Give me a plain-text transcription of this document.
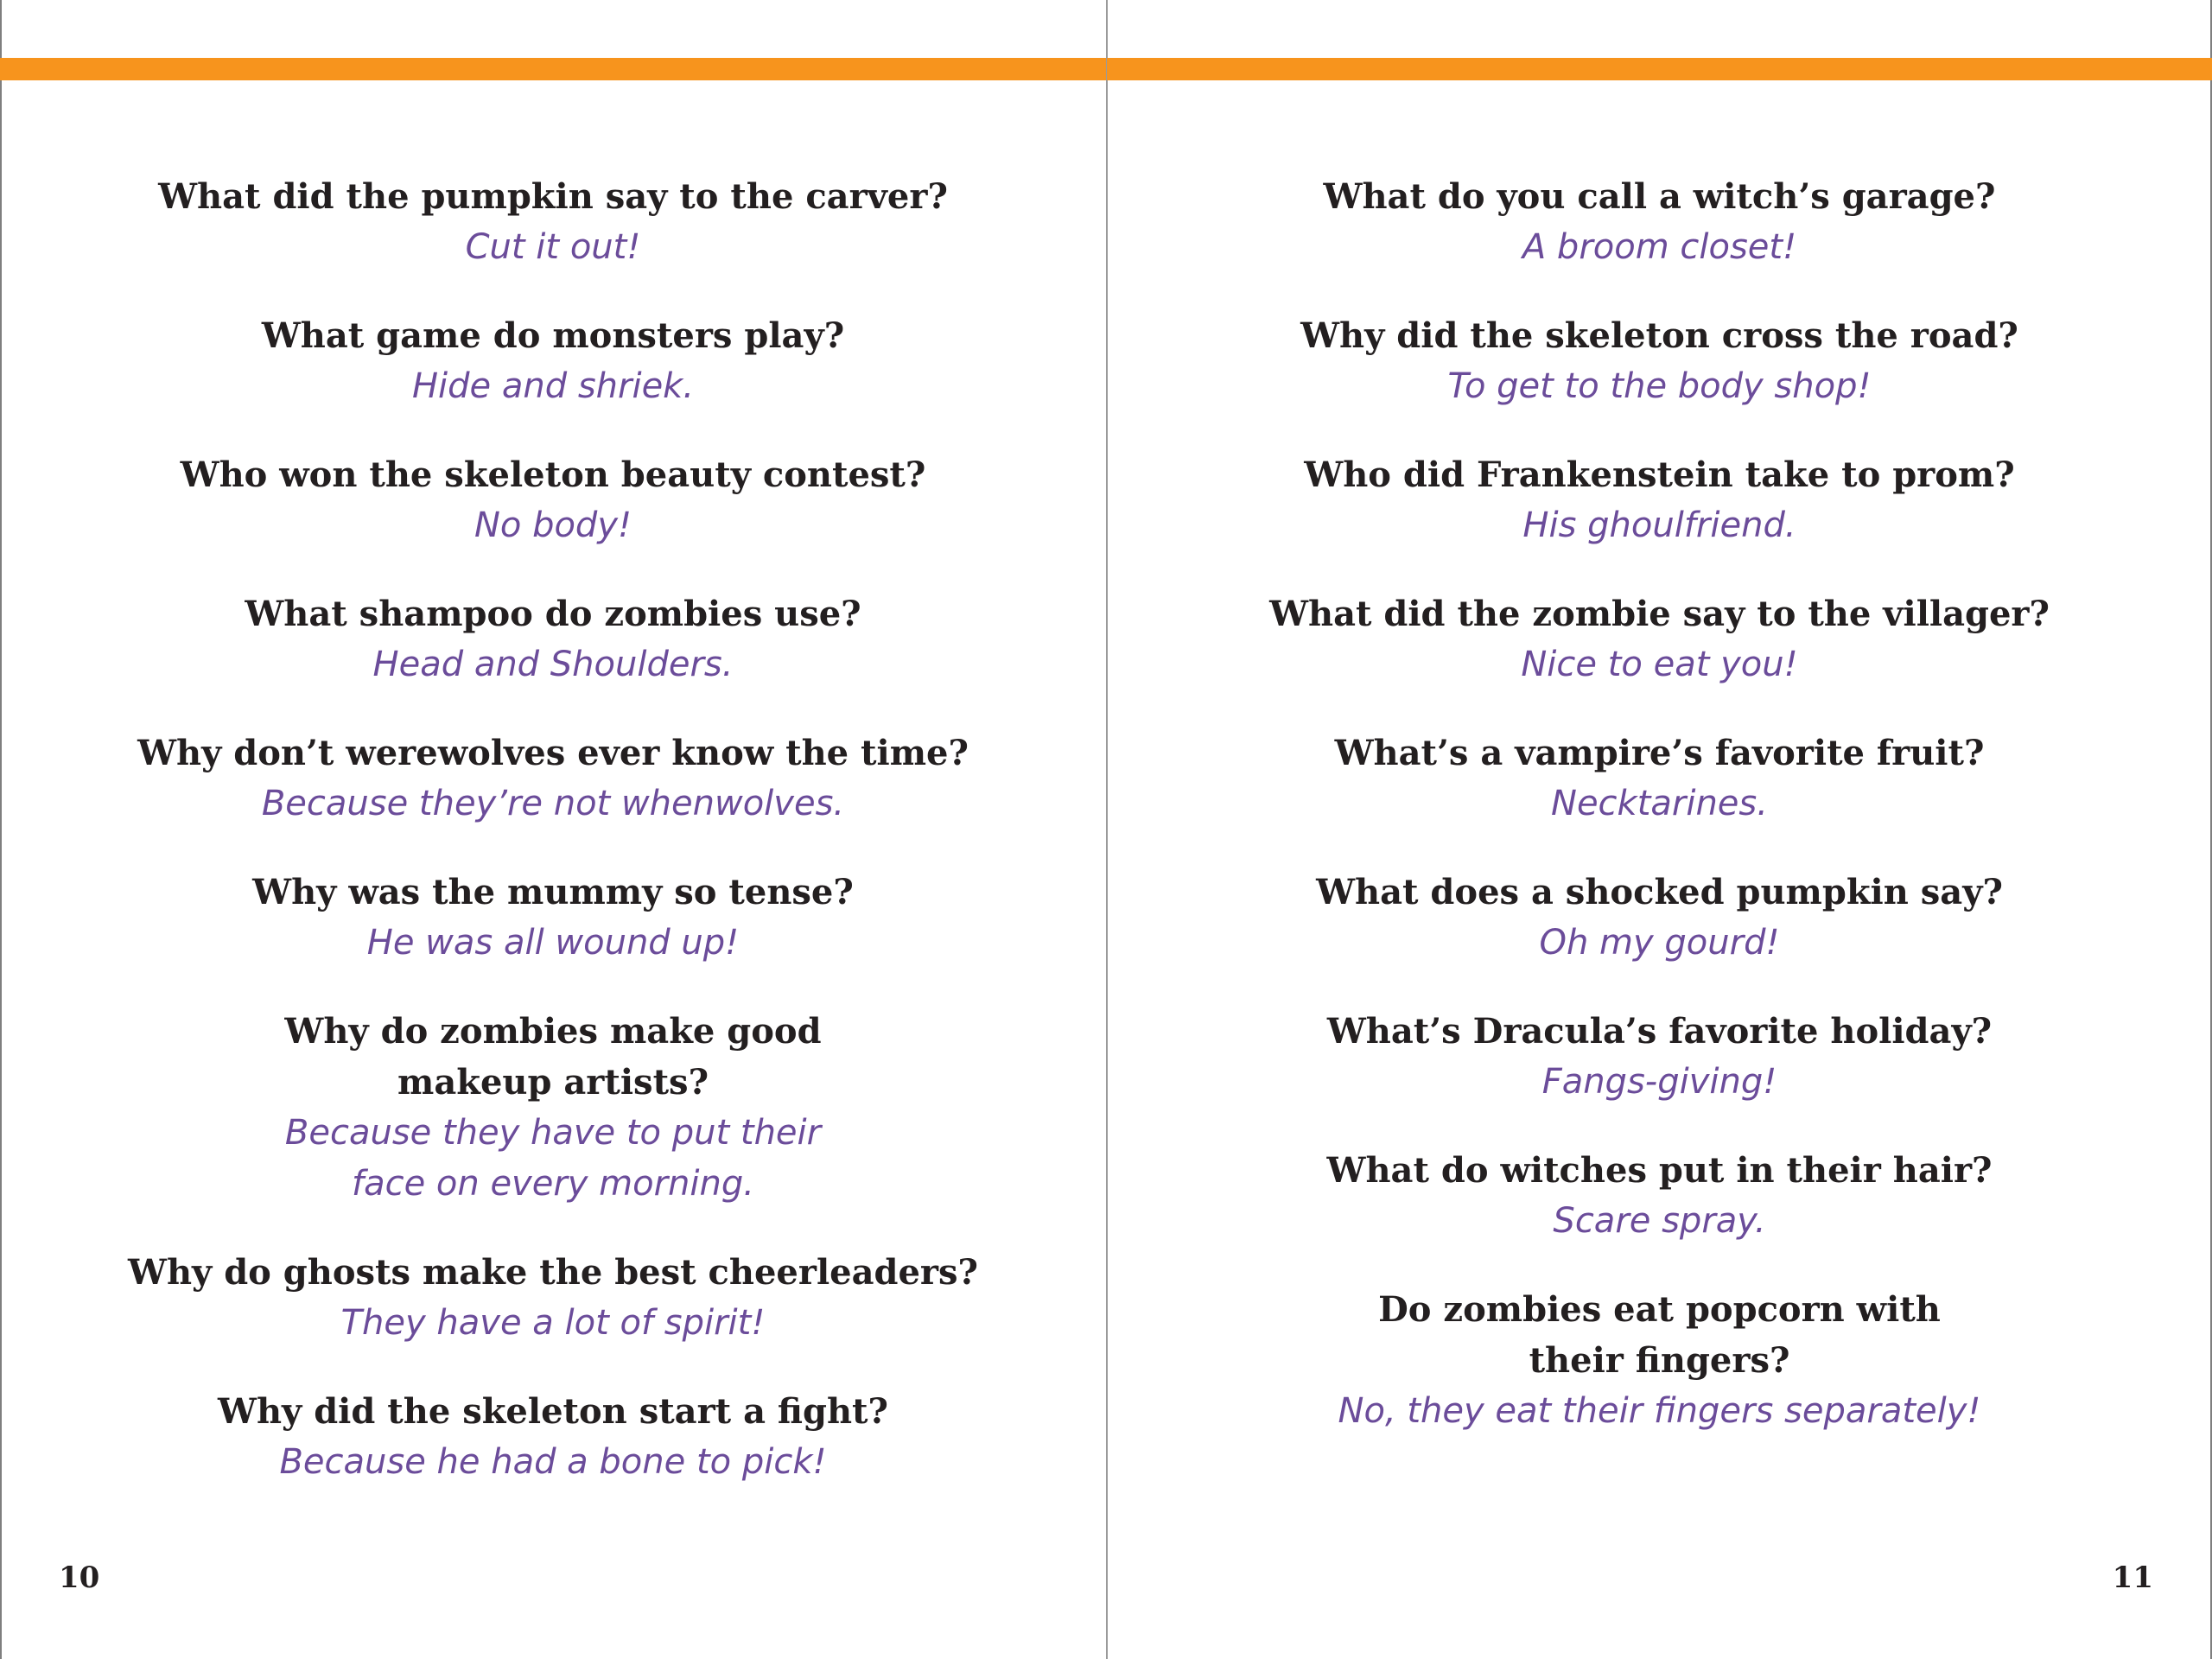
What did the pumpkin say to the carver?

Cut it out!

What game do monsters play?

Hide and shriek.

Who won the skeleton beauty contest?

No body!

What shampoo do zombies use?

Head and Shoulders.

Why don’t werewolves ever know the time?

Because they’re not whenwolves.

Why was the mummy so tense?

He was all wound up!

Why do zombies make good
makeup artists?

Because they have to put their
face on every morning.

Why do ghosts make the best cheerleaders?

They have a lot of spirit!

Why did the skeleton start a fight?

Because he had a bone to pick!

10

What do you call a witch’s garage?

A broom closet!

Why did the skeleton cross the road?

To get to the body shop!

Who did Frankenstein take to prom?

His ghoulfriend.

What did the zombie say to the villager?

Nice to eat you!

What’s a vampire’s favorite fruit?

Necktarines.

What does a shocked pumpkin say?

Oh my gourd!

What’s Dracula’s favorite holiday?

Fangs-giving!

What do witches put in their hair?

Scare spray.

Do zombies eat popcorn with
their fingers?

No, they eat their fingers separately!

11
